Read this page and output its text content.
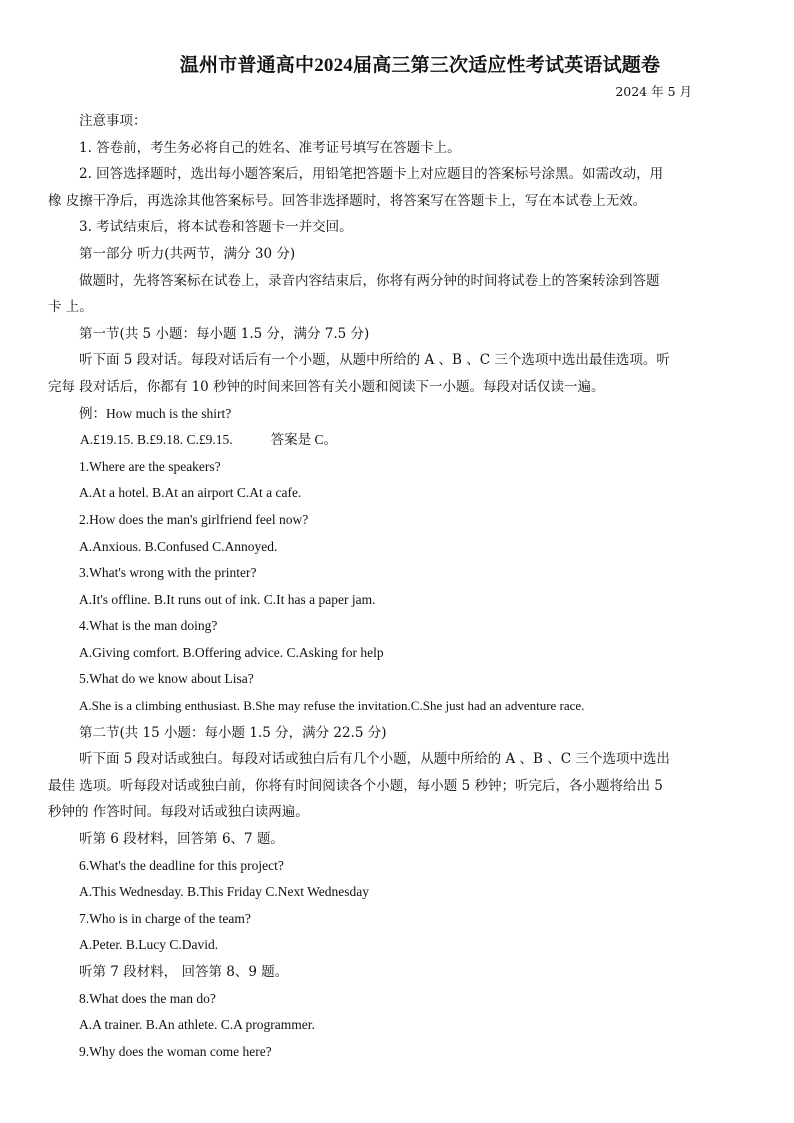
温州市普通高中2024届高三第三次适应性考试英语试题卷
2024 年 5 月
注意事项：
1. 答卷前，考生务必将自己的姓名、准考证号填写在答题卡上。
2. 回答选择题时，选出每小题答案后，用铅笔把答题卡上对应题目的答案标号涂黑。如需改动，用
橡 皮擦干净后，再选涂其他答案标号。回答非选择题时，将答案写在答题卡上，写在本试卷上无效。
3. 考试结束后，将本试卷和答题卡一并交回。
第一部分 听力(共两节，满分 30 分)
做题时，先将答案标在试卷上，录音内容结束后，你将有两分钟的时间将试卷上的答案转涂到答题
卡 上。
第一节(共 5 小题：每小题 1.5 分，满分 7.5 分)
听下面 5 段对话。每段对话后有一个小题，从题中所给的 A 、B 、C 三个选项中选出最佳选项。听
完每 段对话后，你都有 10 秒钟的时间来回答有关小题和阅读下一小题。每段对话仅读一遍。
例：How much is the shirt?
A.£19.15. B.£9.18. C.£9.15.	答案是 C。
1.Where are the speakers?
A.At a hotel. B.At an airport C.At a cafe.
2.How does the man's girlfriend feel now?
A.Anxious. B.Confused C.Annoyed.
3.What's wrong with the printer?
A.It's offline. B.It runs out of ink. C.It has a paper jam.
4.What is the man doing?
A.Giving comfort. B.Offering advice. C.Asking for help
5.What do we know about Lisa?
A.She is a climbing enthusiast. B.She may refuse the invitation.C.She just had an adventure race.
第二节(共 15 小题：每小题 1.5 分，满分 22.5 分)
听下面 5 段对话或独白。每段对话或独白后有几个小题，从题中所给的 A 、B 、C 三个选项中选出
最佳 选项。听每段对话或独白前，你将有时间阅读各个小题，每小题 5 秒钟；听完后，各小题将给出 5
秒钟的 作答时间。每段对话或独白读两遍。
听第 6 段材料，回答第 6、7 题。
6.What's the deadline for this project?
A.This Wednesday. B.This Friday C.Next Wednesday
7.Who is in charge of the team?
A.Peter. B.Lucy C.David.
听第 7 段材料， 回答第 8、9 题。
8.What does the man do?
A.A trainer. B.An athlete. C.A programmer.
9.Why does the woman come here?
